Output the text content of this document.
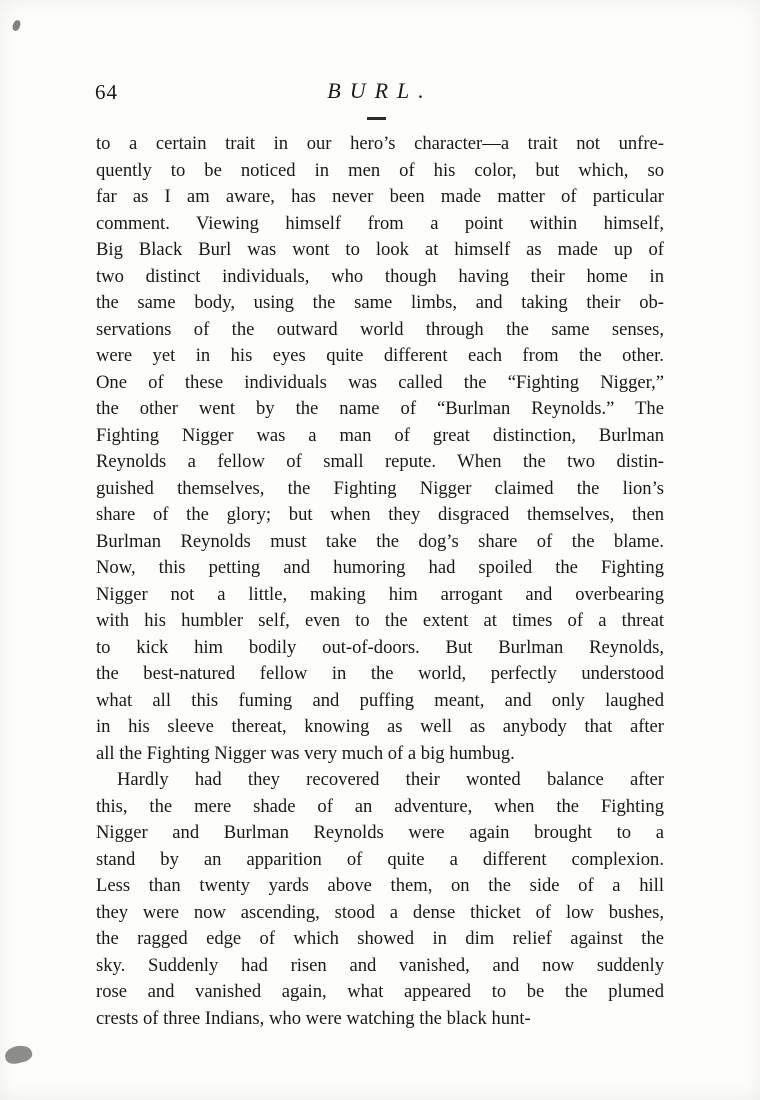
64	BURL.
to a certain trait in our hero’s character—a trait not unfre-
quently to be noticed in men of his color, but which, so
far as I am aware, has never been made matter of particular
comment. Viewing himself from a point within himself,
Big Black Burl was wont to look at himself as made up of
two distinct individuals, who though having their home in
the same body, using the same limbs, and taking their ob-
servations of the outward world through the same senses,
were yet in his eyes quite different each from the other.
One of these individuals was called the “Fighting Nigger,”
the other went by the name of “Burlman Reynolds.” The
Fighting Nigger was a man of great distinction, Burlman
Reynolds a fellow of small repute. When the two distin-
guished themselves, the Fighting Nigger claimed the lion’s
share of the glory; but when they disgraced themselves, then
Burlman Reynolds must take the dog’s share of the blame.
Now, this petting and humoring had spoiled the Fighting
Nigger not a little, making him arrogant and overbearing
with his humbler self, even to the extent at times of a threat
to kick him bodily out-of-doors. But Burlman Reynolds,
the best-natured fellow in the world, perfectly understood
what all this fuming and puffing meant, and only laughed
in his sleeve thereat, knowing as well as anybody that after
all the Fighting Nigger was very much of a big humbug.
Hardly had they recovered their wonted balance after
this, the mere shade of an adventure, when the Fighting
Nigger and Burlman Reynolds were again brought to a
stand by an apparition of quite a different complexion.
Less than twenty yards above them, on the side of a hill
they were now ascending, stood a dense thicket of low bushes,
the ragged edge of which showed in dim relief against the
sky. Suddenly had risen and vanished, and now suddenly
rose and vanished again, what appeared to be the plumed
crests of three Indians, who were watching the black hunt-
